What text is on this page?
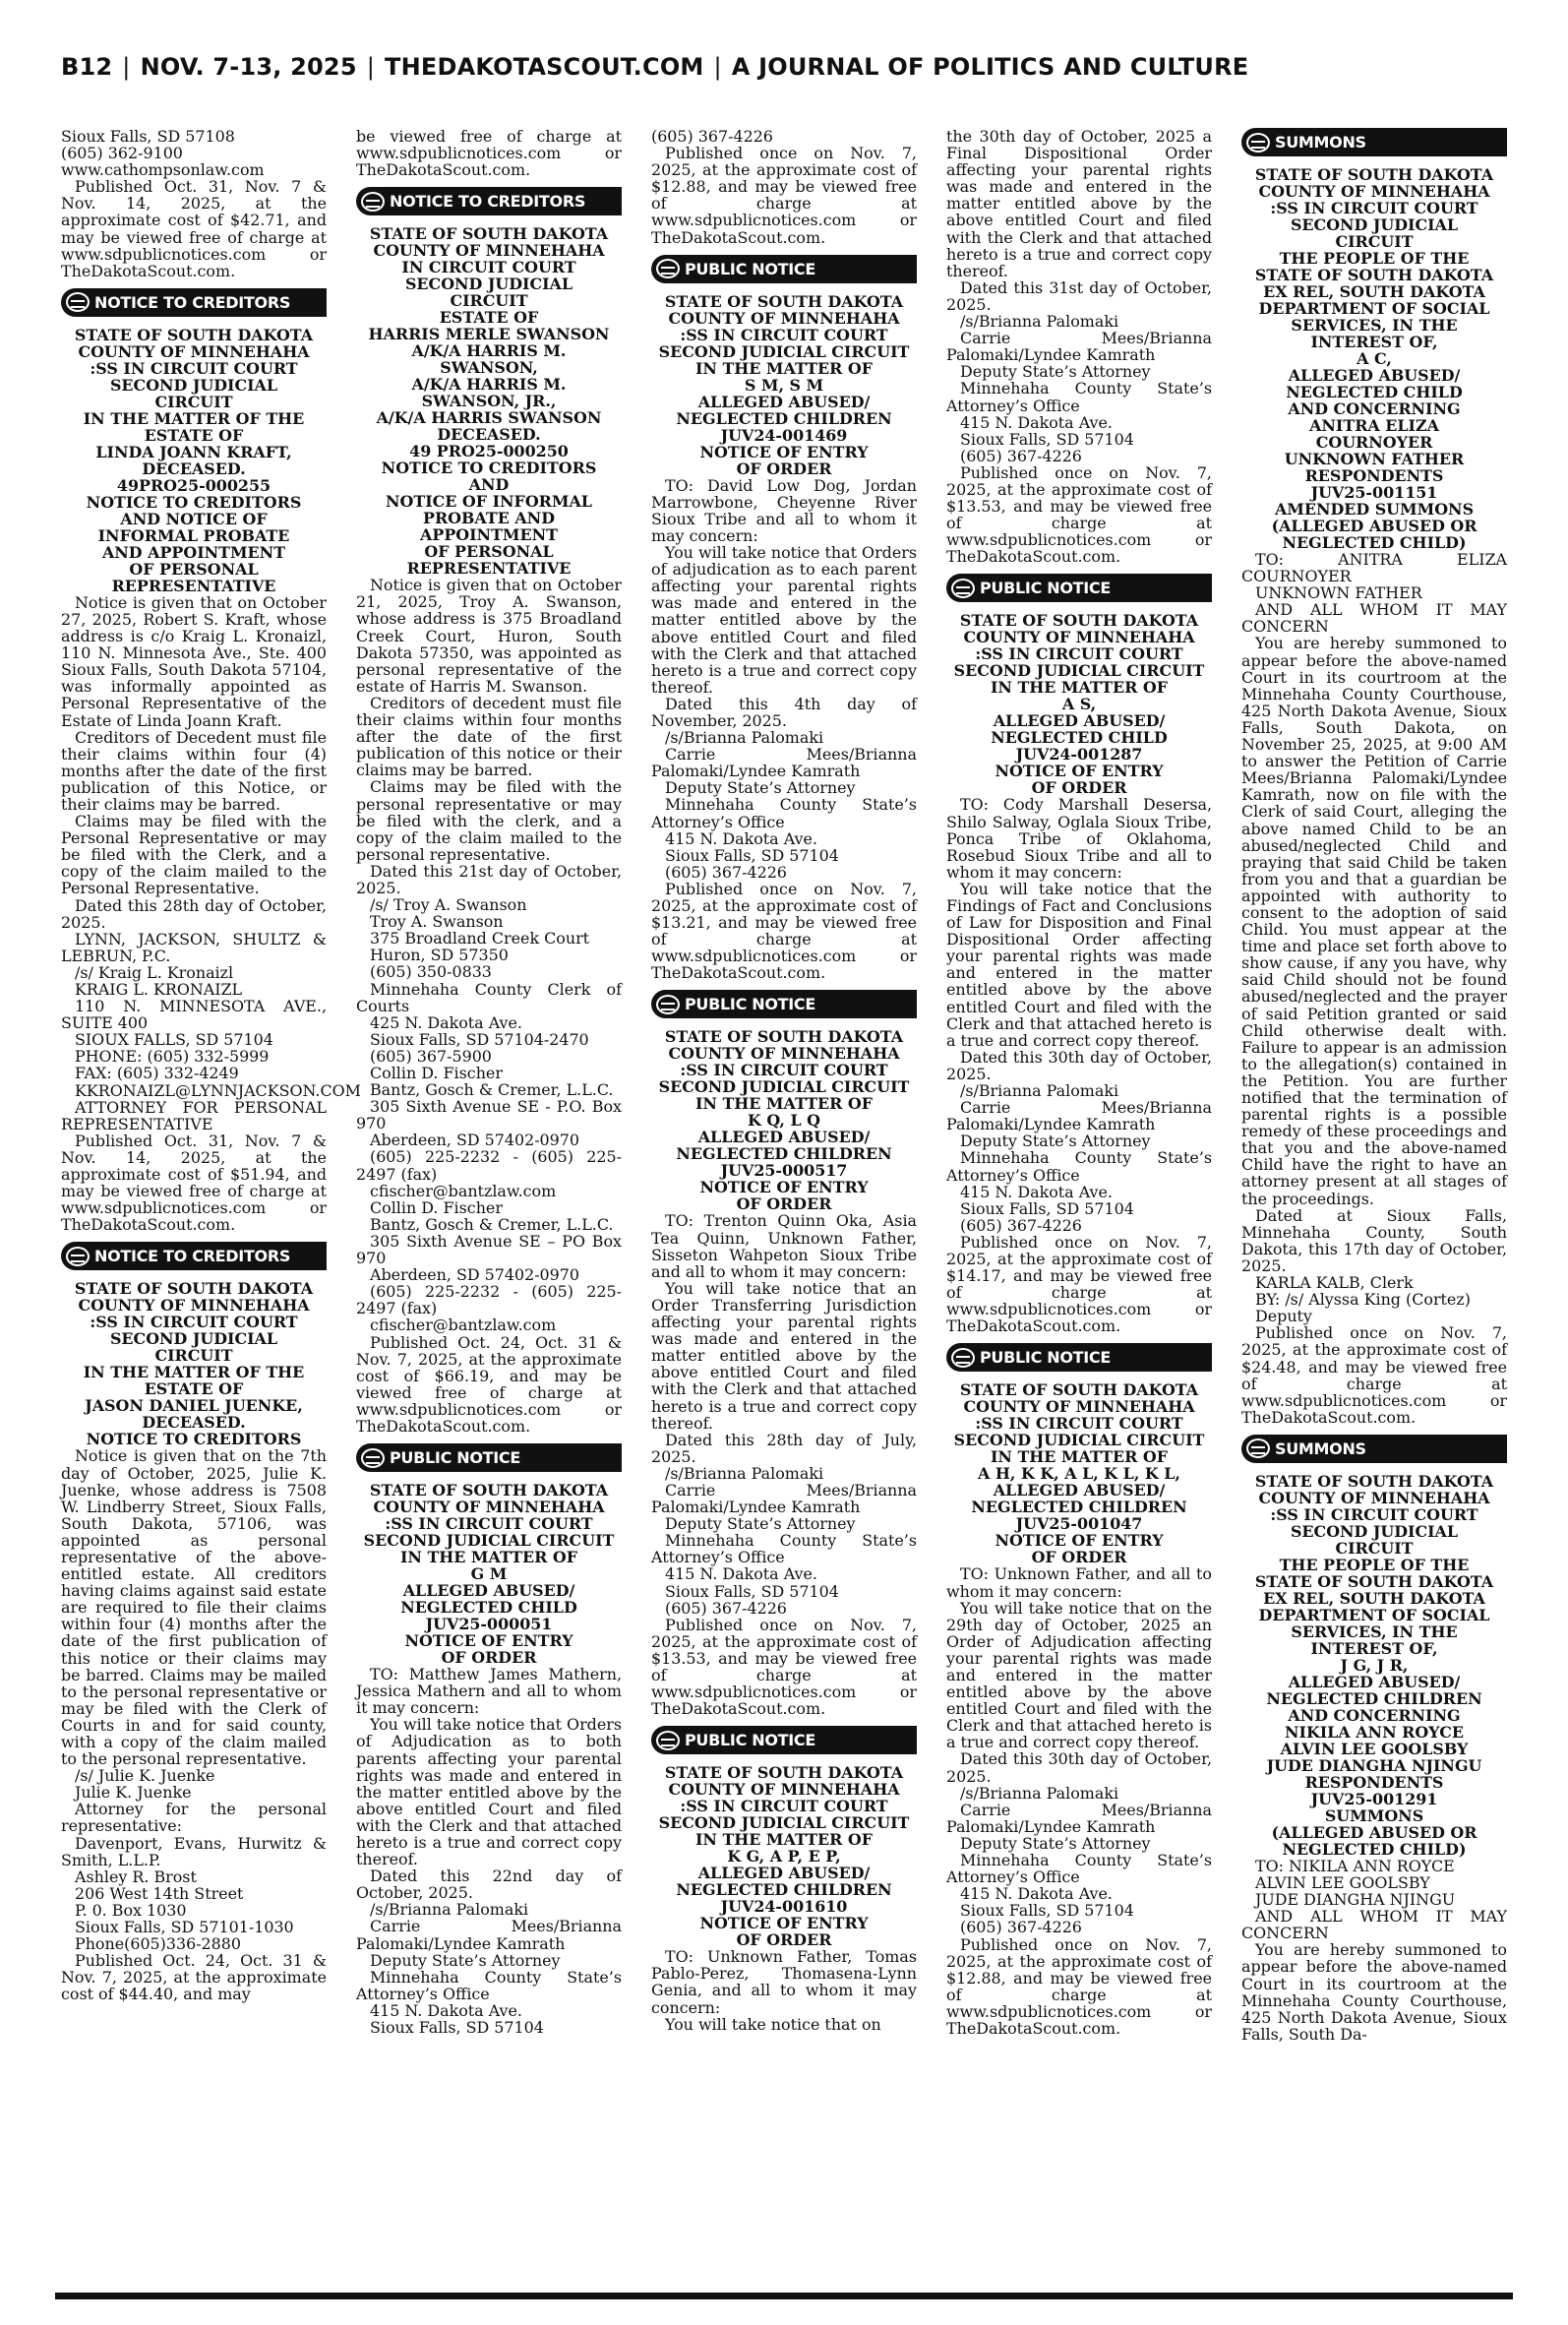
B12 | NOV. 7-13, 2025 | THEDAKOTASCOUT.COM | A JOURNAL OF POLITICS AND CULTURE

Sioux Falls, SD 57108

(605) 362-9100

www.cathompsonlaw.com

Published Oct. 31, Nov. 7 & Nov. 14, 2025, at the approximate cost of $42.71, and may be viewed free of charge at www.sdpublicnotices.com or TheDakotaScout.com.

NOTICE TO CREDITORS

STATE OF SOUTH DAKOTA

COUNTY OF MINNEHAHA

:SS IN CIRCUIT COURT

SECOND JUDICIAL

CIRCUIT

IN THE MATTER OF THE

ESTATE OF

LINDA JOANN KRAFT,

DECEASED.

49PRO25-000255

NOTICE TO CREDITORS

AND NOTICE OF

INFORMAL PROBATE

AND APPOINTMENT

OF PERSONAL

REPRESENTATIVE

Notice is given that on October 27, 2025, Robert S. Kraft, whose address is c/o Kraig L. Kronaizl, 110 N. Minnesota Ave., Ste. 400 Sioux Falls, South Dakota 57104, was informally appointed as Personal Representative of the Estate of Linda Joann Kraft.

Creditors of Decedent must file their claims within four (4) months after the date of the first publication of this Notice, or their claims may be barred.

Claims may be filed with the Personal Representative or may be filed with the Clerk, and a copy of the claim mailed to the Personal Representative.

Dated this 28th day of October, 2025.

LYNN, JACKSON, SHULTZ & LEBRUN, P.C.

/s/ Kraig L. Kronaizl

KRAIG L. KRONAIZL

110 N. MINNESOTA AVE., SUITE 400

SIOUX FALLS, SD 57104

PHONE: (605) 332-5999

FAX: (605) 332-4249

KKRONAIZL@LYNNJACKSON.COM

ATTORNEY FOR PERSONAL REPRESENTATIVE

Published Oct. 31, Nov. 7 & Nov. 14, 2025, at the approximate cost of $51.94, and may be viewed free of charge at www.sdpublicnotices.com or TheDakotaScout.com.

NOTICE TO CREDITORS

STATE OF SOUTH DAKOTA

COUNTY OF MINNEHAHA

:SS IN CIRCUIT COURT

SECOND JUDICIAL

CIRCUIT

IN THE MATTER OF THE

ESTATE OF

JASON DANIEL JUENKE,

DECEASED.

NOTICE TO CREDITORS

Notice is given that on the 7th day of October, 2025, Julie K. Juenke, whose address is 7508 W. Lindberry Street, Sioux Falls, South Dakota, 57106, was appointed as personal representative of the above-entitled estate. All creditors having claims against said estate are required to file their claims within four (4) months after the date of the first publication of this notice or their claims may be barred. Claims may be mailed to the personal representative or may be filed with the Clerk of Courts in and for said county, with a copy of the claim mailed to the personal representative.

/s/ Julie K. Juenke

Julie K. Juenke

Attorney for the personal representative:

Davenport, Evans, Hurwitz & Smith, L.L.P.

Ashley R. Brost

206 West 14th Street

P. 0. Box 1030

Sioux Falls, SD 57101-1030

Phone(605)336-2880

Published Oct. 24, Oct. 31 & Nov. 7, 2025, at the approximate cost of $44.40, and may

be viewed free of charge at www.sdpublicnotices.com or TheDakotaScout.com.

NOTICE TO CREDITORS

STATE OF SOUTH DAKOTA

COUNTY OF MINNEHAHA

IN CIRCUIT COURT

SECOND JUDICIAL

CIRCUIT

ESTATE OF

HARRIS MERLE SWANSON

A/K/A HARRIS M.

SWANSON,

A/K/A HARRIS M.

SWANSON, JR.,

A/K/A HARRIS SWANSON

DECEASED.

49 PRO25-000250

NOTICE TO CREDITORS

AND

NOTICE OF INFORMAL

PROBATE AND

APPOINTMENT

OF PERSONAL

REPRESENTATIVE

Notice is given that on October 21, 2025, Troy A. Swanson, whose address is 375 Broadland Creek Court, Huron, South Dakota 57350, was appointed as personal representative of the estate of Harris M. Swanson.

Creditors of decedent must file their claims within four months after the date of the first publication of this notice or their claims may be barred.

Claims may be filed with the personal representative or may be filed with the clerk, and a copy of the claim mailed to the personal representative.

Dated this 21st day of October, 2025.

/s/ Troy A. Swanson

Troy A. Swanson

375 Broadland Creek Court

Huron, SD 57350

(605) 350-0833

Minnehaha County Clerk of Courts

425 N. Dakota Ave.

Sioux Falls, SD 57104-2470

(605) 367-5900

Collin D. Fischer

Bantz, Gosch & Cremer, L.L.C.

305 Sixth Avenue SE - P.O. Box 970

Aberdeen, SD 57402-0970

(605) 225-2232 - (605) 225-2497 (fax)

cfischer@bantzlaw.com

Collin D. Fischer

Bantz, Gosch & Cremer, L.L.C.

305 Sixth Avenue SE – PO Box 970

Aberdeen, SD 57402-0970

(605) 225-2232 - (605) 225-2497 (fax)

cfischer@bantzlaw.com

Published Oct. 24, Oct. 31 & Nov. 7, 2025, at the approximate cost of $66.19, and may be viewed free of charge at www.sdpublicnotices.com or TheDakotaScout.com.

PUBLIC NOTICE

STATE OF SOUTH DAKOTA

COUNTY OF MINNEHAHA

:SS IN CIRCUIT COURT

SECOND JUDICIAL CIRCUIT

IN THE MATTER OF

G M

ALLEGED ABUSED/

NEGLECTED CHILD

JUV25-000051

NOTICE OF ENTRY

OF ORDER

TO: Matthew James Mathern, Jessica Mathern and all to whom it may concern:

You will take notice that Orders of Adjudication as to both parents affecting your parental rights was made and entered in the matter entitled above by the above entitled Court and filed with the Clerk and that attached hereto is a true and correct copy thereof.

Dated this 22nd day of October, 2025.

/s/Brianna Palomaki

Carrie Mees/Brianna Palomaki/Lyndee Kamrath

Deputy State’s Attorney

Minnehaha County State’s Attorney’s Office

415 N. Dakota Ave.

Sioux Falls, SD 57104

(605) 367-4226

Published once on Nov. 7, 2025, at the approximate cost of $12.88, and may be viewed free of charge at www.sdpublicnotices.com or TheDakotaScout.com.

PUBLIC NOTICE

STATE OF SOUTH DAKOTA

COUNTY OF MINNEHAHA

:SS IN CIRCUIT COURT

SECOND JUDICIAL CIRCUIT

IN THE MATTER OF

S M, S M

ALLEGED ABUSED/

NEGLECTED CHILDREN

JUV24-001469

NOTICE OF ENTRY

OF ORDER

TO: David Low Dog, Jordan Marrowbone, Cheyenne River Sioux Tribe and all to whom it may concern:

You will take notice that Orders of adjudication as to each parent affecting your parental rights was made and entered in the matter entitled above by the above entitled Court and filed with the Clerk and that attached hereto is a true and correct copy thereof.

Dated this 4th day of November, 2025.

/s/Brianna Palomaki

Carrie Mees/Brianna Palomaki/Lyndee Kamrath

Deputy State’s Attorney

Minnehaha County State’s Attorney’s Office

415 N. Dakota Ave.

Sioux Falls, SD 57104

(605) 367-4226

Published once on Nov. 7, 2025, at the approximate cost of $13.21, and may be viewed free of charge at www.sdpublicnotices.com or TheDakotaScout.com.

PUBLIC NOTICE

STATE OF SOUTH DAKOTA

COUNTY OF MINNEHAHA

:SS IN CIRCUIT COURT

SECOND JUDICIAL CIRCUIT

IN THE MATTER OF

K Q, L Q

ALLEGED ABUSED/

NEGLECTED CHILDREN

JUV25-000517

NOTICE OF ENTRY

OF ORDER

TO: Trenton Quinn Oka, Asia Tea Quinn, Unknown Father, Sisseton Wahpeton Sioux Tribe and all to whom it may concern:

You will take notice that an Order Transferring Jurisdiction affecting your parental rights was made and entered in the matter entitled above by the above entitled Court and filed with the Clerk and that attached hereto is a true and correct copy thereof.

Dated this 28th day of July, 2025.

/s/Brianna Palomaki

Carrie Mees/Brianna Palomaki/Lyndee Kamrath

Deputy State’s Attorney

Minnehaha County State’s Attorney’s Office

415 N. Dakota Ave.

Sioux Falls, SD 57104

(605) 367-4226

Published once on Nov. 7, 2025, at the approximate cost of $13.53, and may be viewed free of charge at www.sdpublicnotices.com or TheDakotaScout.com.

PUBLIC NOTICE

STATE OF SOUTH DAKOTA

COUNTY OF MINNEHAHA

:SS IN CIRCUIT COURT

SECOND JUDICIAL CIRCUIT

IN THE MATTER OF

K G, A P, E P,

ALLEGED ABUSED/

NEGLECTED CHILDREN

JUV24-001610

NOTICE OF ENTRY

OF ORDER

TO: Unknown Father, Tomas Pablo-Perez, Thomasena-Lynn Genia, and all to whom it may concern:

You will take notice that on

the 30th day of October, 2025 a Final Dispositional Order affecting your parental rights was made and entered in the matter entitled above by the above entitled Court and filed with the Clerk and that attached hereto is a true and correct copy thereof.

Dated this 31st day of October, 2025.

/s/Brianna Palomaki

Carrie Mees/Brianna Palomaki/Lyndee Kamrath

Deputy State’s Attorney

Minnehaha County State’s Attorney’s Office

415 N. Dakota Ave.

Sioux Falls, SD 57104

(605) 367-4226

Published once on Nov. 7, 2025, at the approximate cost of $13.53, and may be viewed free of charge at www.sdpublicnotices.com or TheDakotaScout.com.

PUBLIC NOTICE

STATE OF SOUTH DAKOTA

COUNTY OF MINNEHAHA

:SS IN CIRCUIT COURT

SECOND JUDICIAL CIRCUIT

IN THE MATTER OF

A S,

ALLEGED ABUSED/

NEGLECTED CHILD

JUV24-001287

NOTICE OF ENTRY

OF ORDER

TO: Cody Marshall Desersa, Shilo Salway, Oglala Sioux Tribe, Ponca Tribe of Oklahoma, Rosebud Sioux Tribe and all to whom it may concern:

You will take notice that the Findings of Fact and Conclusions of Law for Disposition and Final Dispositional Order affecting your parental rights was made and entered in the matter entitled above by the above entitled Court and filed with the Clerk and that attached hereto is a true and correct copy thereof.

Dated this 30th day of October, 2025.

/s/Brianna Palomaki

Carrie Mees/Brianna Palomaki/Lyndee Kamrath

Deputy State’s Attorney

Minnehaha County State’s Attorney’s Office

415 N. Dakota Ave.

Sioux Falls, SD 57104

(605) 367-4226

Published once on Nov. 7, 2025, at the approximate cost of $14.17, and may be viewed free of charge at www.sdpublicnotices.com or TheDakotaScout.com.

PUBLIC NOTICE

STATE OF SOUTH DAKOTA

COUNTY OF MINNEHAHA

:SS IN CIRCUIT COURT

SECOND JUDICIAL CIRCUIT

IN THE MATTER OF

A H, K K, A L, K L, K L,

ALLEGED ABUSED/

NEGLECTED CHILDREN

JUV25-001047

NOTICE OF ENTRY

OF ORDER

TO: Unknown Father, and all to whom it may concern:

You will take notice that on the 29th day of October, 2025 an Order of Adjudication affecting your parental rights was made and entered in the matter entitled above by the above entitled Court and filed with the Clerk and that attached hereto is a true and correct copy thereof.

Dated this 30th day of October, 2025.

/s/Brianna Palomaki

Carrie Mees/Brianna Palomaki/Lyndee Kamrath

Deputy State’s Attorney

Minnehaha County State’s Attorney’s Office

415 N. Dakota Ave.

Sioux Falls, SD 57104

(605) 367-4226

Published once on Nov. 7, 2025, at the approximate cost of $12.88, and may be viewed free of charge at www.sdpublicnotices.com or TheDakotaScout.com.

SUMMONS

STATE OF SOUTH DAKOTA

COUNTY OF MINNEHAHA

:SS IN CIRCUIT COURT

SECOND JUDICIAL

CIRCUIT

THE PEOPLE OF THE

STATE OF SOUTH DAKOTA

EX REL, SOUTH DAKOTA

DEPARTMENT OF SOCIAL

SERVICES, IN THE

INTEREST OF,

A C,

ALLEGED ABUSED/

NEGLECTED CHILD

AND CONCERNING

ANITRA ELIZA

COURNOYER

UNKNOWN FATHER

RESPONDENTS

JUV25-001151

AMENDED SUMMONS

(ALLEGED ABUSED OR

NEGLECTED CHILD)

TO: ANITRA ELIZA COURNOYER

UNKNOWN FATHER

AND ALL WHOM IT MAY CONCERN

You are hereby summoned to appear before the above-named Court in its courtroom at the Minnehaha County Courthouse, 425 North Dakota Avenue, Sioux Falls, South Dakota, on November 25, 2025, at 9:00 AM to answer the Petition of Carrie Mees/Brianna Palomaki/Lyndee Kamrath, now on file with the Clerk of said Court, alleging the above named Child to be an abused/neglected Child and praying that said Child be taken from you and that a guardian be appointed with authority to consent to the adoption of said Child. You must appear at the time and place set forth above to show cause, if any you have, why said Child should not be found abused/neglected and the prayer of said Petition granted or said Child otherwise dealt with. Failure to appear is an admission to the allegation(s) contained in the Petition. You are further notified that the termination of parental rights is a possible remedy of these proceedings and that you and the above-named Child have the right to have an attorney present at all stages of the proceedings.

Dated at Sioux Falls, Minnehaha County, South Dakota, this 17th day of October, 2025.

KARLA KALB, Clerk

BY: /s/ Alyssa King (Cortez)

Deputy

Published once on Nov. 7, 2025, at the approximate cost of $24.48, and may be viewed free of charge at www.sdpublicnotices.com or TheDakotaScout.com.

SUMMONS

STATE OF SOUTH DAKOTA

COUNTY OF MINNEHAHA

:SS IN CIRCUIT COURT

SECOND JUDICIAL

CIRCUIT

THE PEOPLE OF THE

STATE OF SOUTH DAKOTA

EX REL, SOUTH DAKOTA

DEPARTMENT OF SOCIAL

SERVICES, IN THE

INTEREST OF,

J G, J R,

ALLEGED ABUSED/

NEGLECTED CHILDREN

AND CONCERNING

NIKILA ANN ROYCE

ALVIN LEE GOOLSBY

JUDE DIANGHA NJINGU

RESPONDENTS

JUV25-001291

SUMMONS

(ALLEGED ABUSED OR

NEGLECTED CHILD)

TO: NIKILA ANN ROYCE

ALVIN LEE GOOLSBY

JUDE DIANGHA NJINGU

AND ALL WHOM IT MAY CONCERN

You are hereby summoned to appear before the above-named Court in its courtroom at the Minnehaha County Courthouse, 425 North Dakota Avenue, Sioux Falls, South Da-
